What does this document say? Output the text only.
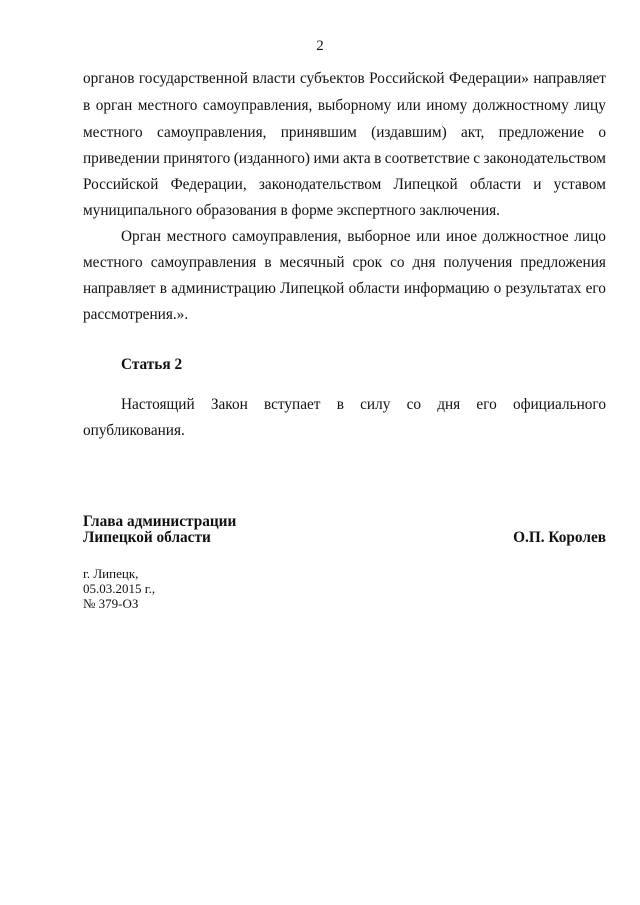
2
органов государственной власти субъектов Российской Федерации» направляет
в орган местного самоуправления, выборному или иному должностному лицу
местного самоуправления, принявшим (издавшим) акт, предложение о
приведении принятого (изданного) ими акта в соответствие с законодательством
Российской Федерации, законодательством Липецкой области и уставом
муниципального образования в форме экспертного заключения.
Орган местного самоуправления, выборное или иное должностное лицо
местного самоуправления в месячный срок со дня получения предложения
направляет в администрацию Липецкой области информацию о результатах его
рассмотрения.».
Статья 2
Настоящий Закон вступает в силу со дня его официального
опубликования.
Глава администрации
Липецкой области	О.П. Королев
г. Липецк,
05.03.2015 г.,
№ 379-ОЗ
